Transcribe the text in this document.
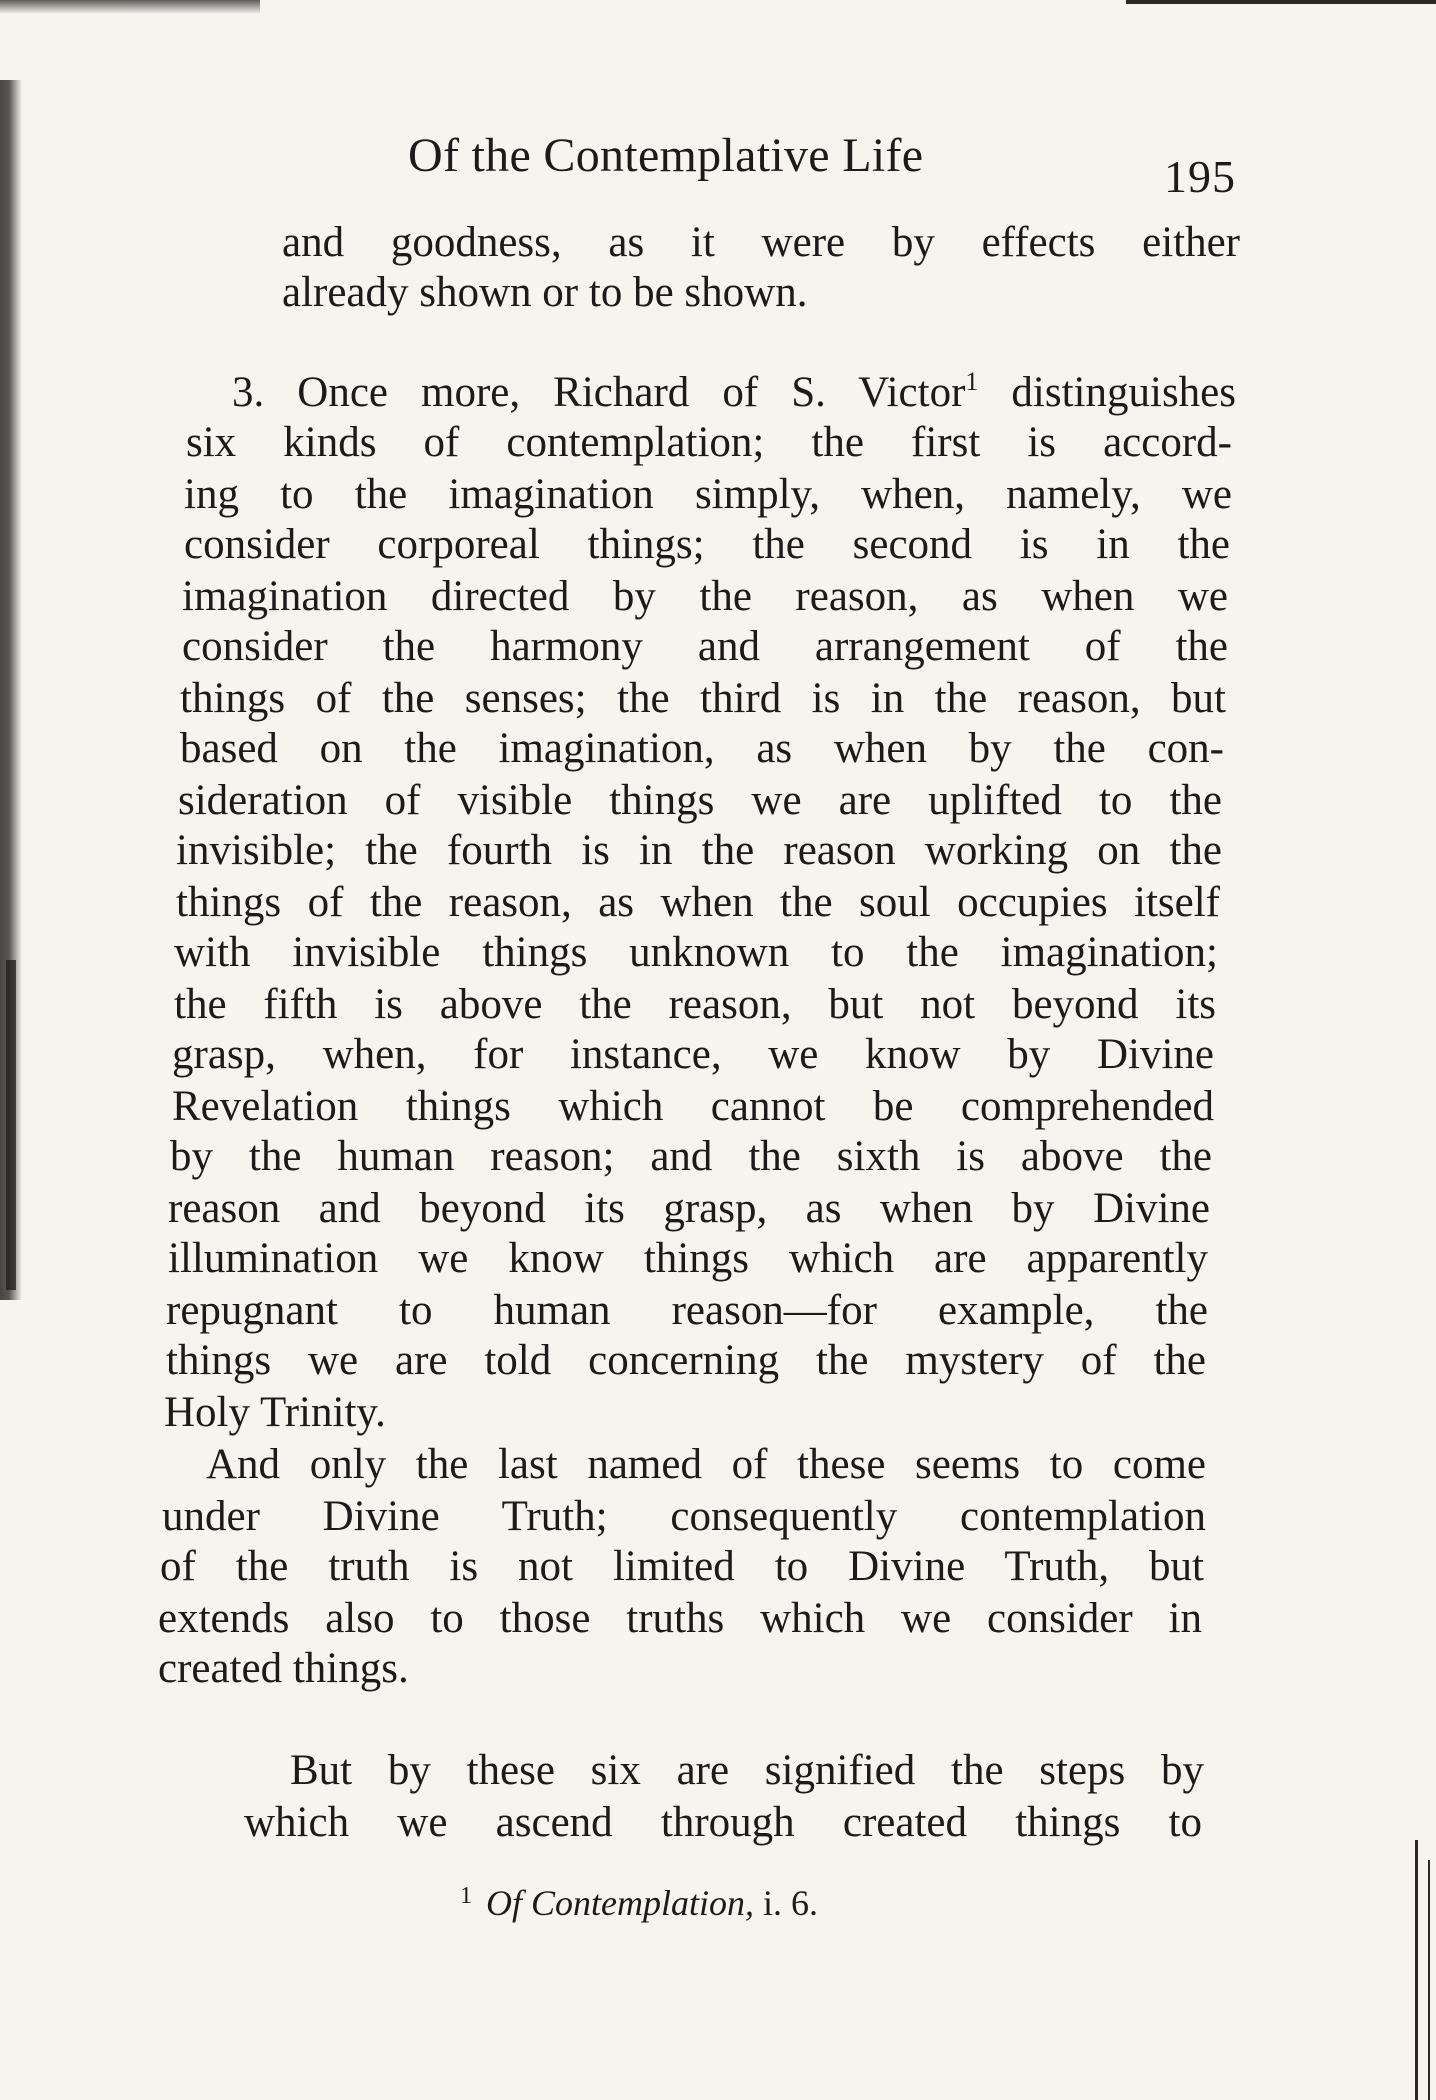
Of the Contemplative Life	195
and goodness, as it were by effects either
already shown or to be shown.
3. Once more, Richard of S. Victor$^1$ distinguishes
six kinds of contemplation; the first is accord-
ing to the imagination simply, when, namely, we
consider corporeal things; the second is in the
imagination directed by the reason, as when we
consider the harmony and arrangement of the
things of the senses; the third is in the reason, but
based on the imagination, as when by the con-
sideration of visible things we are uplifted to the
invisible; the fourth is in the reason working on the
things of the reason, as when the soul occupies itself
with invisible things unknown to the imagination;
the fifth is above the reason, but not beyond its
grasp, when, for instance, we know by Divine
Revelation things which cannot be comprehended
by the human reason; and the sixth is above the
reason and beyond its grasp, as when by Divine
illumination we know things which are apparently
repugnant to human reason—for example, the
things we are told concerning the mystery of the
Holy Trinity.
And only the last named of these seems to come
under Divine Truth; consequently contemplation
of the truth is not limited to Divine Truth, but
extends also to those truths which we consider in
created things.
But by these six are signified the steps by
which we ascend through created things to
$^1$ Of Contemplation, i. 6.
